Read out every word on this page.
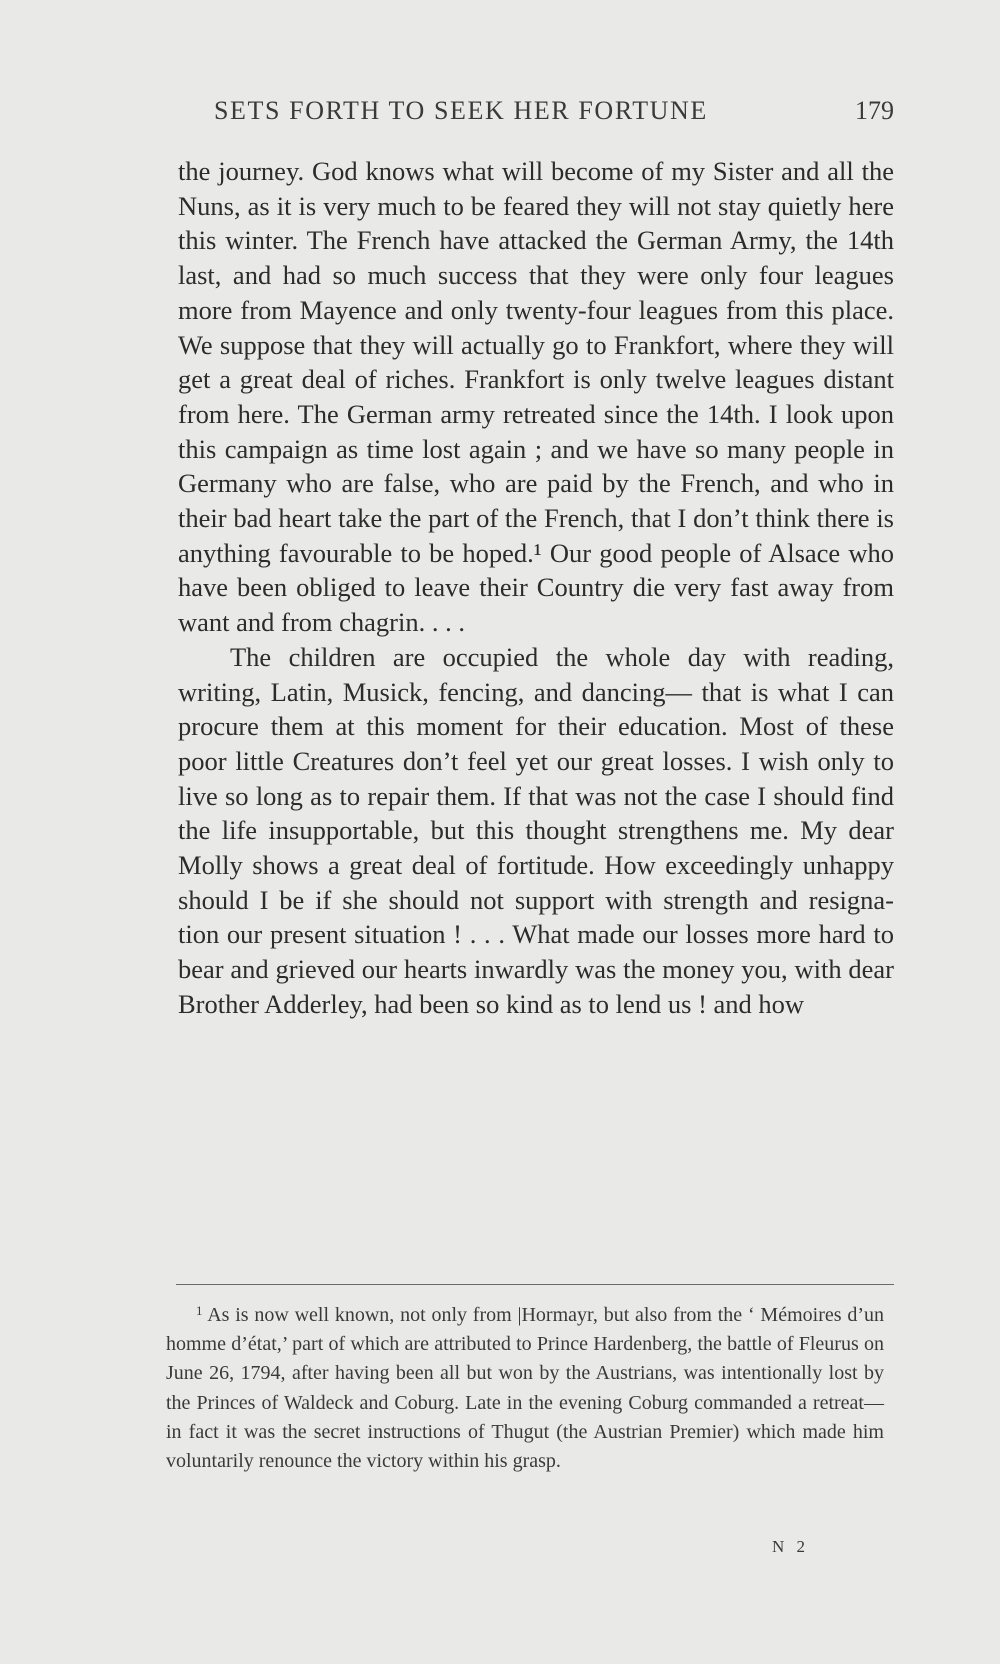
SETS FORTH TO SEEK HER FORTUNE	179

the journey. God knows what will become of my Sister and all the Nuns, as it is very much to be feared they will not stay quietly here this winter. The French have attacked the German Army, the 14th last, and had so much success that they were only four leagues more from Mayence and only twenty-four leagues from this place. We suppose that they will actually go to Frankfort, where they will get a great deal of riches. Frankfort is only twelve leagues distant from here. The German army retreated since the 14th. I look upon this campaign as time lost again ; and we have so many people in Germany who are false, who are paid by the French, and who in their bad heart take the part of the French, that I don’t think there is anything favourable to be hoped.¹ Our good people of Alsace who have been obliged to leave their Country die very fast away from want and from chagrin. . . .

The children are occupied the whole day with reading, writing, Latin, Musick, fencing, and dancing— that is what I can procure them at this moment for their education. Most of these poor little Creatures don’t feel yet our great losses. I wish only to live so long as to repair them. If that was not the case I should find the life insupportable, but this thought strengthens me. My dear Molly shows a great deal of fortitude. How exceedingly unhappy should I be if she should not support with strength and resigna- tion our present situation ! . . . What made our losses more hard to bear and grieved our hearts inwardly was the money you, with dear Brother Adderley, had been so kind as to lend us ! and how

$^1$ As is now well known, not only from |Hormayr, but also from the ‘ Mémoires d’un homme d’état,’ part of which are attributed to Prince Hardenberg, the battle of Fleurus on June 26, 1794, after having been all but won by the Austrians, was intentionally lost by the Princes of Waldeck and Coburg. Late in the evening Coburg commanded a retreat—in fact it was the secret instructions of Thugut (the Austrian Premier) which made him voluntarily renounce the victory within his grasp.
N 2
